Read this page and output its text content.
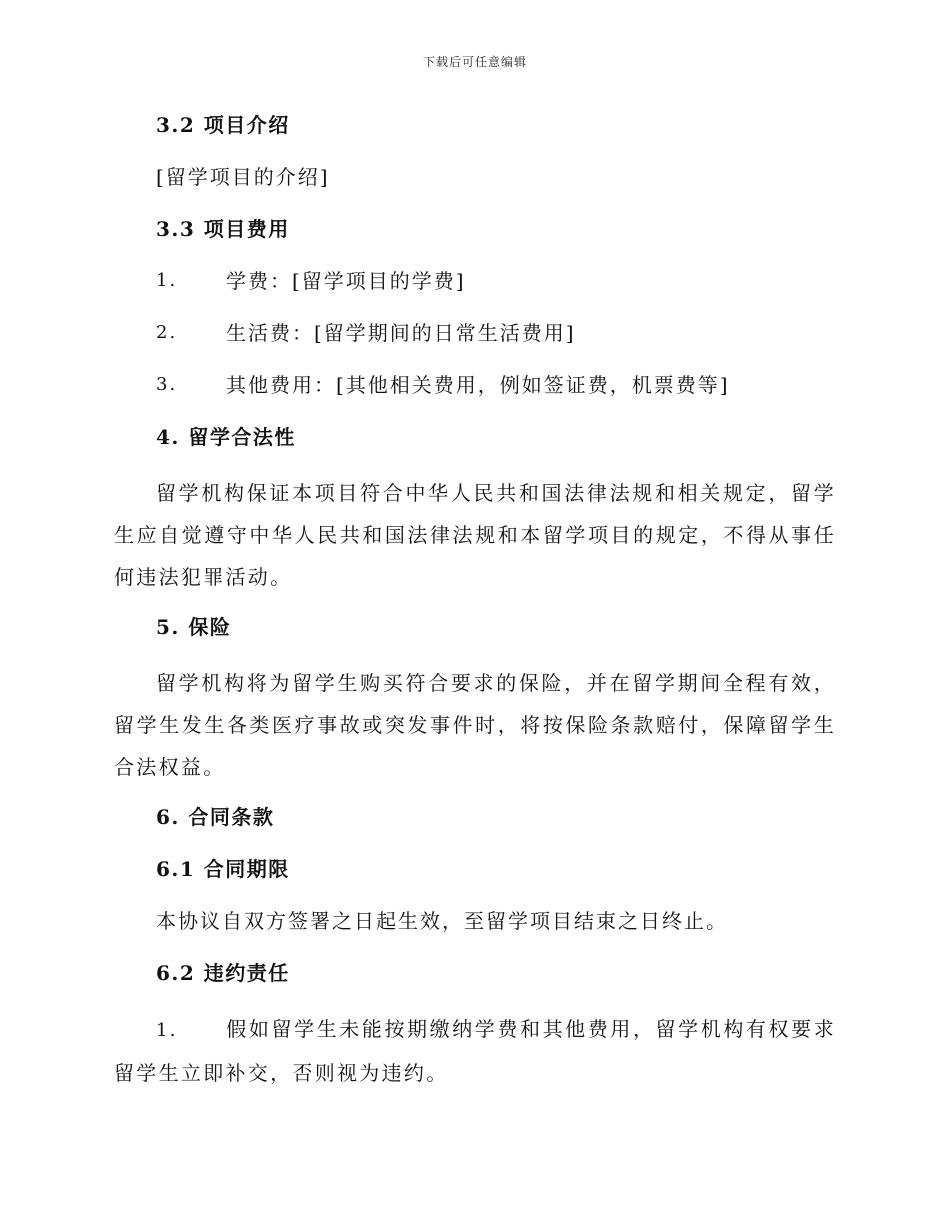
下载后可任意编辑
3.2 项目介绍
[留学项目的介绍]
3.3 项目费用
1.	学费：[留学项目的学费]
2.	生活费：[留学期间的日常生活费用]
3.	其他费用：[其他相关费用，例如签证费，机票费等]
4. 留学合法性
留学机构保证本项目符合中华人民共和国法律法规和相关规定，留学生应自觉遵守中华人民共和国法律法规和本留学项目的规定，不得从事任何违法犯罪活动。
5. 保险
留学机构将为留学生购买符合要求的保险，并在留学期间全程有效，留学生发生各类医疗事故或突发事件时，将按保险条款赔付，保障留学生合法权益。
6. 合同条款
6.1 合同期限
本协议自双方签署之日起生效，至留学项目结束之日终止。
6.2 违约责任
1. 假如留学生未能按期缴纳学费和其他费用，留学机构有权要求留学生立即补交，否则视为违约。
